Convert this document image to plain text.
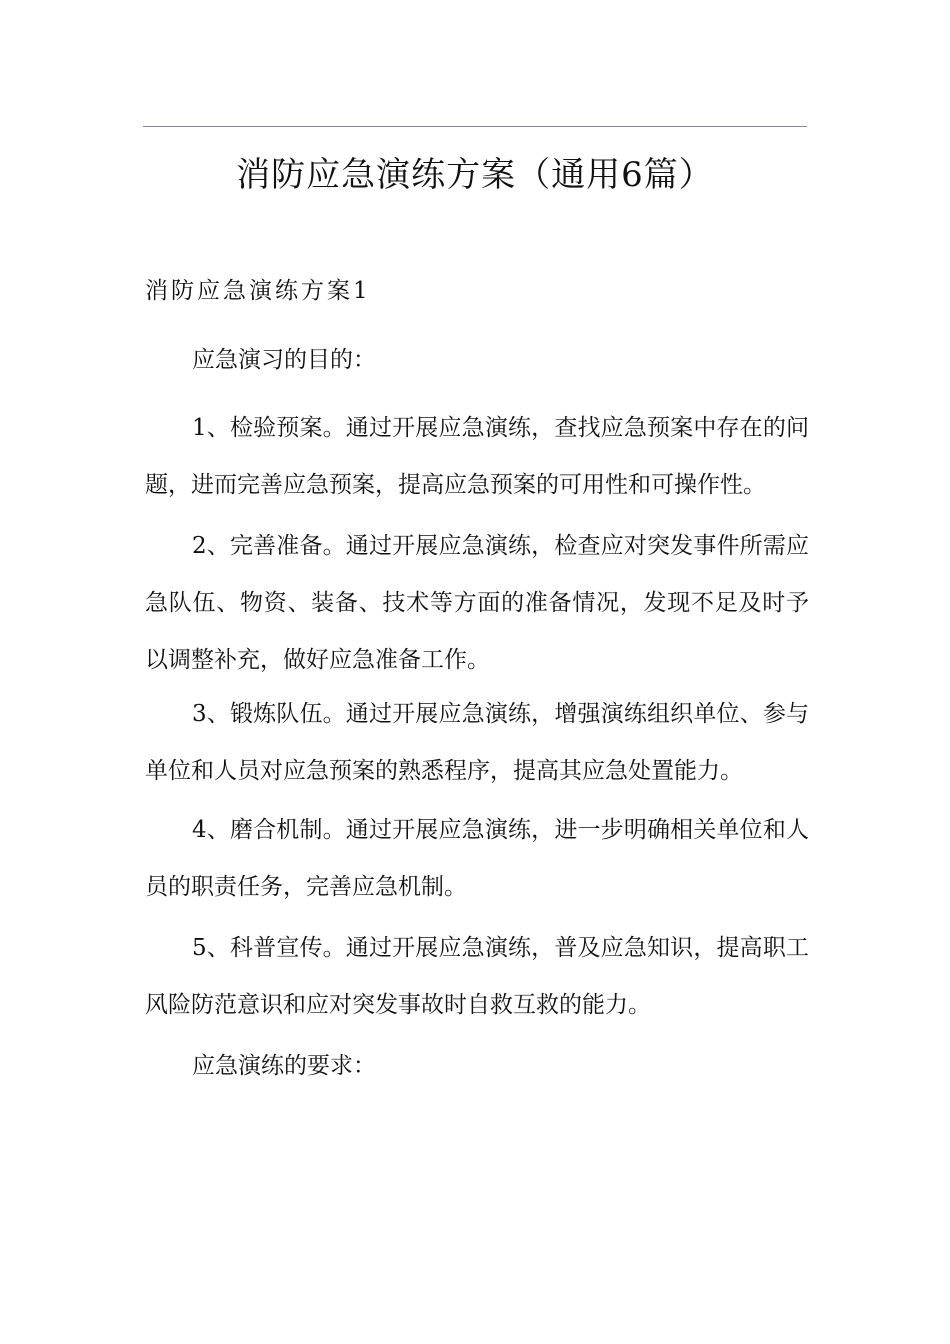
消防应急演练方案（通用6篇）
消防应急演练方案1

应急演习的目的：

1、检验预案。通过开展应急演练，查找应急预案中存在的问题，进而完善应急预案，提高应急预案的可用性和可操作性。

2、完善准备。通过开展应急演练，检查应对突发事件所需应急队伍、物资、装备、技术等方面的准备情况，发现不足及时予以调整补充，做好应急准备工作。

3、锻炼队伍。通过开展应急演练，增强演练组织单位、参与单位和人员对应急预案的熟悉程序，提高其应急处置能力。

4、磨合机制。通过开展应急演练，进一步明确相关单位和人员的职责任务，完善应急机制。

5、科普宣传。通过开展应急演练，普及应急知识，提高职工风险防范意识和应对突发事故时自救互救的能力。

应急演练的要求：
